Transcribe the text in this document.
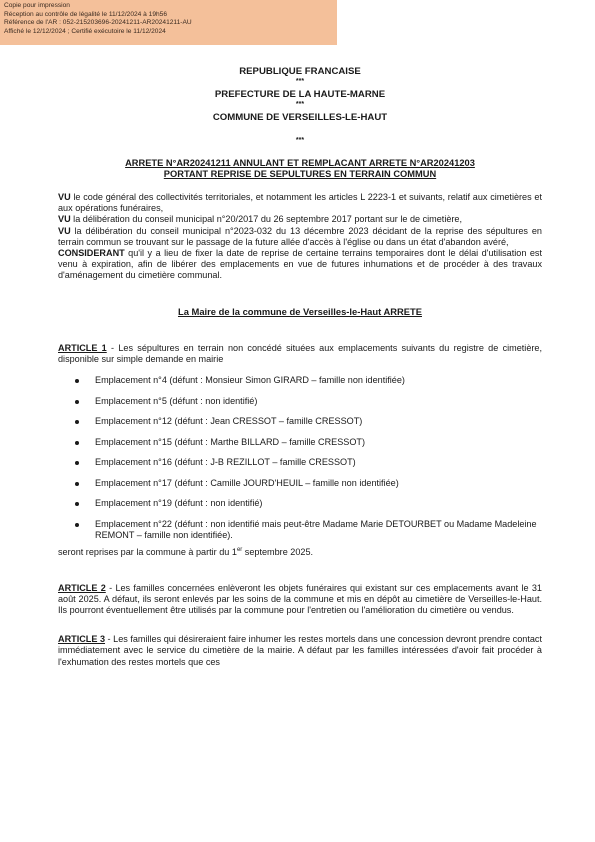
Copie pour impression
Réception au contrôle de légalité le 11/12/2024 à 19h56
Référence de l'AR : 052-215203696-20241211-AR20241211-AU
Affiché le 12/12/2024 ; Certifié exécutoire le 11/12/2024
REPUBLIQUE FRANCAISE
***
PREFECTURE DE LA HAUTE-MARNE
***
COMMUNE DE VERSEILLES-LE-HAUT
***
ARRETE N°AR20241211 ANNULANT ET REMPLACANT ARRETE N°AR20241203
PORTANT REPRISE DE SEPULTURES EN TERRAIN COMMUN
VU le code général des collectivités territoriales, et notamment les articles L 2223-1 et suivants, relatif aux cimetières et aux opérations funéraires,
VU la délibération du conseil municipal n°20/2017 du 26 septembre 2017 portant sur le de cimetière,
VU la délibération du conseil municipal n°2023-032 du 13 décembre 2023 décidant de la reprise des sépultures en terrain commun se trouvant sur le passage de la future allée d'accès à l'église ou dans un état d'abandon avéré,
CONSIDERANT qu'il y a lieu de fixer la date de reprise de certaine terrains temporaires dont le délai d'utilisation est venu à expiration, afin de libérer des emplacements en vue de futures inhumations et de procéder à des travaux d'aménagement du cimetière communal.
La Maire de la commune de Verseilles-le-Haut ARRETE
ARTICLE 1 - Les sépultures en terrain non concédé situées aux emplacements suivants du registre de cimetière, disponible sur simple demande en mairie
Emplacement n°4 (défunt : Monsieur Simon GIRARD – famille non identifiée)
Emplacement n°5 (défunt : non identifié)
Emplacement n°12 (défunt : Jean CRESSOT – famille CRESSOT)
Emplacement n°15 (défunt : Marthe BILLARD – famille CRESSOT)
Emplacement n°16 (défunt : J-B REZILLOT – famille CRESSOT)
Emplacement n°17 (défunt : Camille JOURD'HEUIL – famille non identifiée)
Emplacement n°19 (défunt : non identifié)
Emplacement n°22 (défunt : non identifié mais peut-être Madame Marie DETOURBET ou Madame Madeleine REMONT – famille non identifiée).
seront reprises par la commune à partir du 1er septembre 2025.
ARTICLE 2 - Les familles concernées enlèveront les objets funéraires qui existant sur ces emplacements avant le 31 août 2025. A défaut, ils seront enlevés par les soins de la commune et mis en dépôt au cimetière de Verseilles-le-Haut. Ils pourront éventuellement être utilisés par la commune pour l'entretien ou l'amélioration du cimetière ou vendus.
ARTICLE 3 - Les familles qui désireraient faire inhumer les restes mortels dans une concession devront prendre contact immédiatement avec le service du cimetière de la mairie. A défaut par les familles intéressées d'avoir fait procéder à l'exhumation des restes mortels que ces
